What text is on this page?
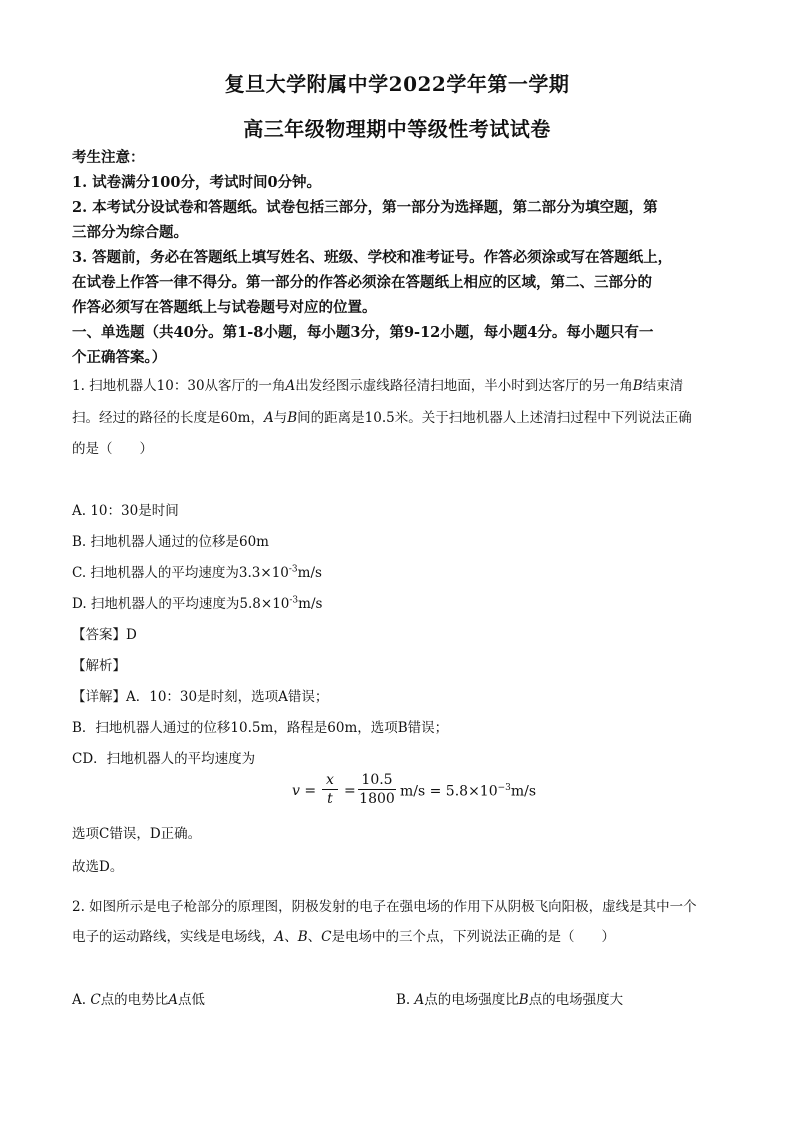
复旦大学附属中学2022学年第一学期
高三年级物理期中等级性考试试卷
考生注意：
1. 试卷满分100分，考试时间0分钟。
2. 本考试分设试卷和答题纸。试卷包括三部分，第一部分为选择题，第二部分为填空题，第
三部分为综合题。
3. 答题前，务必在答题纸上填写姓名、班级、学校和准考证号。作答必须涂或写在答题纸上，
在试卷上作答一律不得分。第一部分的作答必须涂在答题纸上相应的区域，第二、三部分的
作答必须写在答题纸上与试卷题号对应的位置。
一、单选题（共40分。第1-8小题，每小题3分，第9-12小题，每小题4分。每小题只有一
个正确答案。）
1. 扫地机器人10：30从客厅的一角A出发经图示虚线路径清扫地面，半小时到达客厅的另一角B结束清
扫。经过的路径的长度是60m，A与B间的距离是10.5米。关于扫地机器人上述清扫过程中下列说法正确
的是（　　）
A. 10：30是时间
B. 扫地机器人通过的位移是60m
C. 扫地机器人的平均速度为$3.3\times 10^{-3}m/s$
D. 扫地机器人的平均速度为$5.8\times 10^{-3}m/s$
【答案】D
【解析】
【详解】A．10：30是时刻，选项A错误；
B．扫地机器人通过的位移10.5m，路程是60m，选项B错误；
CD．扫地机器人的平均速度为
$v = \frac{x}{t} = \frac{10.5}{1800} m/s = 5.8\times 10^{-3}m/s$
选项C错误，D正确。
故选D。
2. 如图所示是电子枪部分的原理图，阴极发射的电子在强电场的作用下从阴极飞向阳极，虚线是其中一个
电子的运动路线，实线是电场线，A、B、C是电场中的三个点，下列说法正确的是（　　）
A. C点的电势比A点低	B. A点的电场强度比B点的电场强度大
